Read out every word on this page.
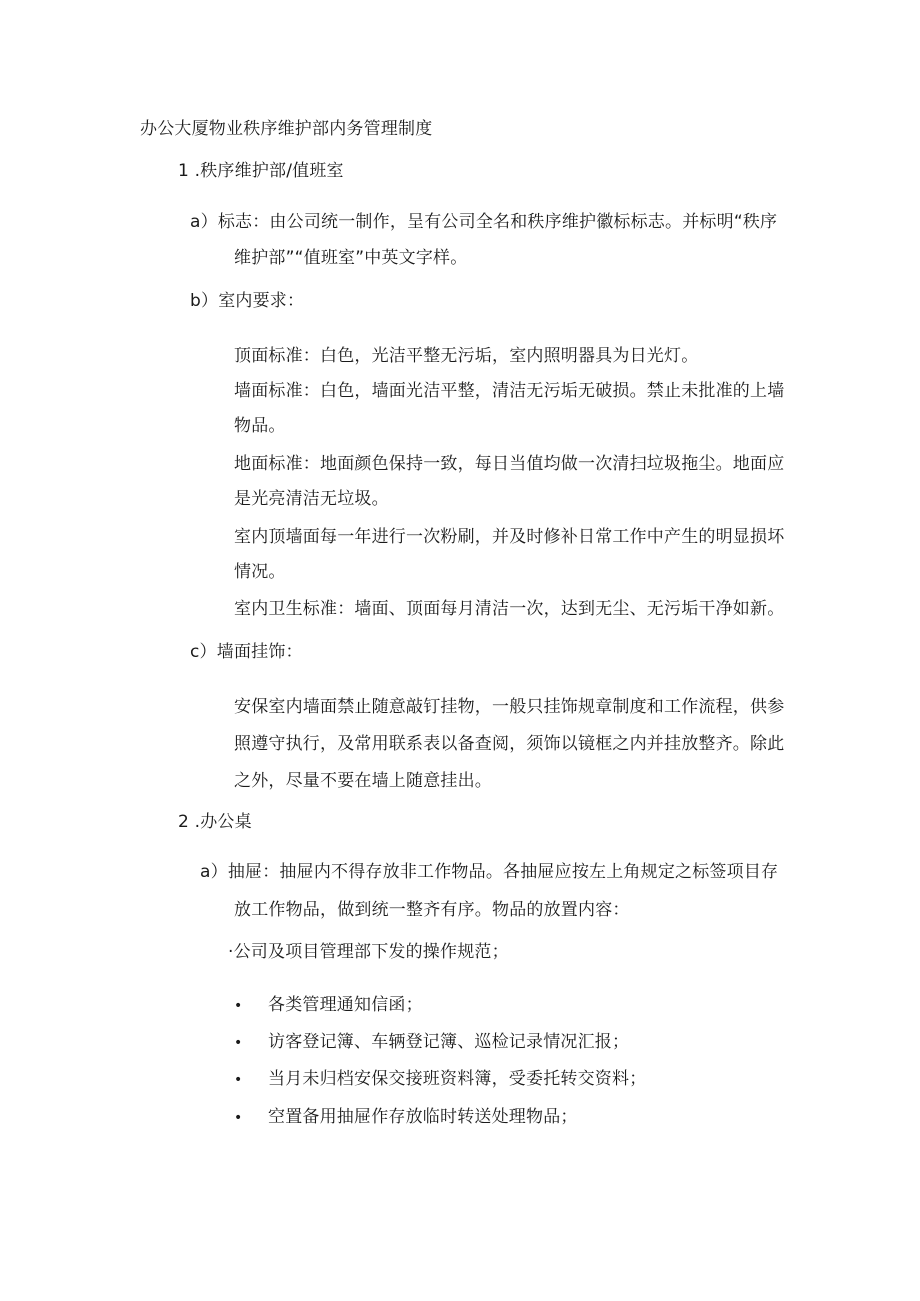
办公大厦物业秩序维护部内务管理制度
1 .秩序维护部/值班室
a）标志：由公司统一制作，呈有公司全名和秩序维护徽标标志。并标明“秩序
维护部”“值班室”中英文字样。
b）室内要求：
顶面标准：白色，光洁平整无污垢，室内照明器具为日光灯。
墙面标准：白色，墙面光洁平整，清洁无污垢无破损。禁止未批准的上墙
物品。
地面标准：地面颜色保持一致，每日当值均做一次清扫垃圾拖尘。地面应
是光亮清洁无垃圾。
室内顶墙面每一年进行一次粉刷，并及时修补日常工作中产生的明显损坏
情况。
室内卫生标准：墙面、顶面每月清洁一次，达到无尘、无污垢干净如新。
c）墙面挂饰：
安保室内墙面禁止随意敲钉挂物，一般只挂饰规章制度和工作流程，供参
照遵守执行，及常用联系表以备查阅，须饰以镜框之内并挂放整齐。除此
之外，尽量不要在墙上随意挂出。
2 .办公桌
a）抽屉：抽屉内不得存放非工作物品。各抽屉应按左上角规定之标签项目存
放工作物品，做到统一整齐有序。物品的放置内容：
·公司及项目管理部下发的操作规范；
• 各类管理通知信函；
• 访客登记簿、车辆登记簿、巡检记录情况汇报；
• 当月未归档安保交接班资料簿，受委托转交资料；
• 空置备用抽屉作存放临时转送处理物品；
